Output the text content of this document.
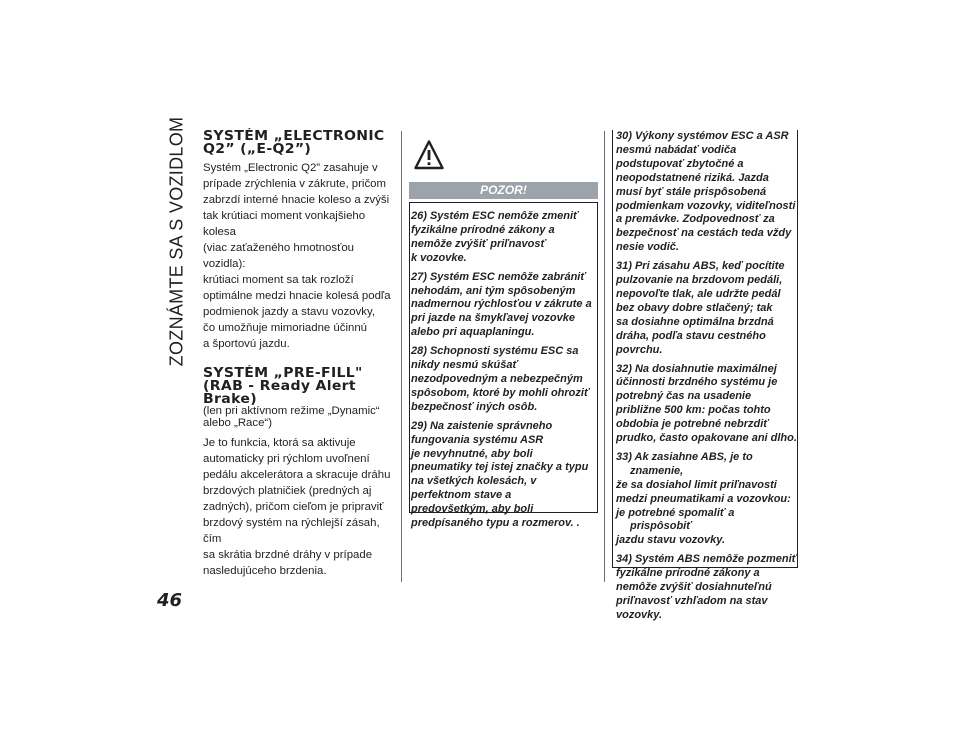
ZOZNÁMTE SA S VOZIDLOM
46
SYSTÉM „ELECTRONIC
Q2” („E-Q2”)
Systém „Electronic Q2” zasahuje v
prípade zrýchlenia v zákrute, pričom
zabrzdí interné hnacie koleso a zvýši
tak krútiaci moment vonkajšieho kolesa
(viac zaťaženého hmotnosťou vozidla):
krútiaci moment sa tak rozloží
optimálne medzi hnacie kolesá podľa
podmienok jazdy a stavu vozovky,
čo umožňuje mimoriadne účinnú
a športovú jazdu.
SYSTÉM „PRE-FILL"
(RAB - Ready Alert
Brake)
(len pri aktívnom režime „Dynamic“
alebo „Race“)
Je to funkcia, ktorá sa aktivuje
automaticky pri rýchlom uvoľnení
pedálu akcelerátora a skracuje dráhu
brzdových platničiek (predných aj
zadných), pričom cieľom je pripraviť
brzdový systém na rýchlejší zásah, čím
sa skrátia brzdné dráhy v prípade
nasledujúceho brzdenia.
POZOR!
26) Systém ESC nemôže zmeniť
fyzikálne prírodné zákony a
nemôže zvýšiť priľnavosť
k vozovke.
27) Systém ESC nemôže zabrániť
nehodám, ani tým spôsobeným
nadmernou rýchlosťou v zákrute a
pri jazde na šmykľavej vozovke
alebo pri aquaplaningu.
28) Schopnosti systému ESC sa
nikdy nesmú skúšať
nezodpovedným a nebezpečným
spôsobom, ktoré by mohli ohroziť
bezpečnosť iných osôb.
29) Na zaistenie správneho
fungovania systému ASR
je nevyhnutné, aby boli
pneumatiky tej istej značky a typu
na všetkých kolesách, v
perfektnom stave a
predovšetkým, aby boli
predpísaného typu a rozmerov. .
30) Výkony systémov ESC a ASR
nesmú nabádať vodiča
podstupovať zbytočné a
neopodstatnené riziká. Jazda
musí byť stále prispôsobená
podmienkam vozovky, viditeľnosti
a premávke. Zodpovednosť za
bezpečnosť na cestách teda vždy
nesie vodič.
31) Pri zásahu ABS, keď pocítite
pulzovanie na brzdovom pedáli,
nepovoľte tlak, ale udržte pedál
bez obavy dobre stlačený; tak
sa dosiahne optimálna brzdná
dráha, podľa stavu cestného
povrchu.
32) Na dosiahnutie maximálnej
účinnosti brzdného systému je
potrebný čas na usadenie
približne 500 km: počas tohto
obdobia je potrebné nebrzdiť
prudko, často opakovane ani dlho.
33) Ak zasiahne ABS, je to znamenie,
že sa dosiahol limit priľnavosti
medzi pneumatikami a vozovkou:
je potrebné spomaliť a prispôsobiť
jazdu stavu vozovky.
34) Systém ABS nemôže pozmeniť
fyzikálne prírodné zákony a
nemôže zvýšiť dosiahnuteľnú
priľnavosť vzhľadom na stav
vozovky.
